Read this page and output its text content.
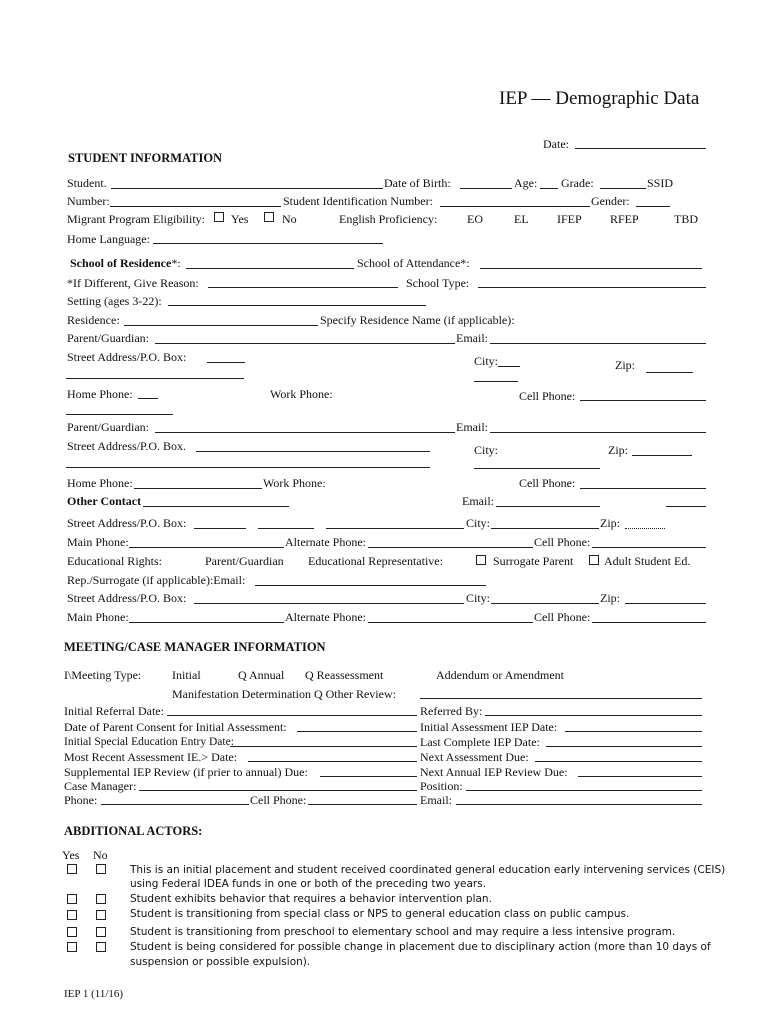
IEP — Demographic Data
Date:
STUDENT INFORMATION
Student.	Date of Birth:	Age: Grade:	SSID
Number:	Student Identification Number:	Gender:
Migrant Program Eligibility: Yes	No	English Proficiency: EO	EL IFEP RFEP	TBD
Home Language:
School of Residence*:	School of Attendance*:
*If Different, Give Reason:	School Type:
Setting (ages 3-22):
Residence:	Specify Residence Name (if applicable):
Parent/Guardian:	Email:
Street Address/P.O. Box:	City:	Zip:
Home Phone:	Work Phone:	Cell Phone:
Parent/Guardian:	Email:
Street Address/P.O. Box.	City:	Zip:
Home Phone:	Work Phone:	Cell Phone:
Other Contact	Email:
Street Address/P.O. Box:	City:	Zip:
Main Phone:	Alternate Phone:	Cell Phone:
Educational Rights:	Parent/Guardian Educational Representative:	Surrogate Parent	Adult Student Ed.
Rep./Surrogate (if applicable):Email:
Street Address/P.O. Box:	City:	Zip:
Main Phone:	Alternate Phone:	Cell Phone:
MEETING/CASE MANAGER INFORMATION
I\Meeting Type:	Initial	Q Annual Q Reassessment	Addendum or Amendment
Manifestation Determination Q Other Review:
Initial Referral Date:	Referred By:
Date of Parent Consent for Initial Assessment:	Initial Assessment IEP Date:
Initial Special Education Entry Date:	Last Complete IEP Date:
Most Recent Assessment IE.> Date:	Next Assessment Due:
Supplemental IEP Review (if prier to annual) Due:	Next Annual IEP Review Due:
Case Manager:	Position:
Phone:	Cell Phone:	Email:
ABDITIONAL ACTORS:
Yes No
This is an initial placement and student received coordinated general education early intervening services (CEIS)
using Federal IDEA funds in one or both of the preceding two years.
Student exhibits behavior that requires a behavior intervention plan.
Student is transitioning from special class or NPS to general education class on public campus.
Student is transitioning from preschool to elementary school and may require a less intensive program.
Student is being considered for possible change in placement due to disciplinary action (more than 10 days of
suspension or possible expulsion).
IEP 1 (11/16)
